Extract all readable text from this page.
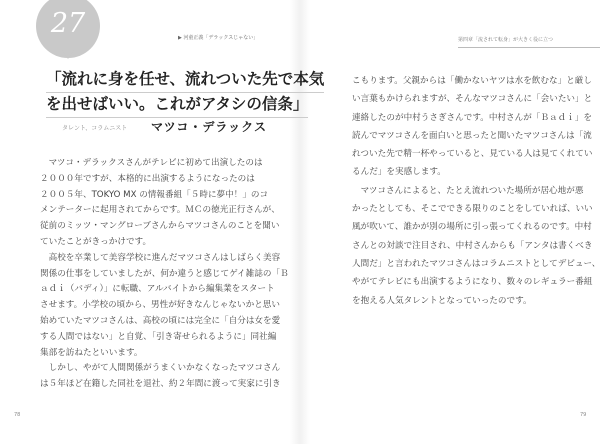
27	▶ 河童正義「デラックスじゃない」	第四章「流されて転身」が大きく役に立つ
「流れに身を任せ、流れついた先で本気 を出せばいい。これがアタシの信条」
タレント、コラムニスト マツコ・デラックス
　マツコ・デラックスさんがテレビに初めて出演したのは
２０００年ですが、本格的に出演するようになったのは
２００５年、TOKYO MX の情報番組「５時に夢中！」のコ
メンテーターに起用されてからです。ＭＣの徳光正行さんが、
従前のミッツ・マングローブさんからマツコさんのことを聞い
ていたことがきっかけです。
　高校を卒業して美容学校に進んだマツコさんはしばらく美容
関係の仕事をしていましたが、何か違うと感じてゲイ雑誌の「Ｂ
ａｄｉ（バディ）」に転職、アルバイトから編集業をスタート
させます。小学校の頃から、男性が好きなんじゃないかと思い
始めていたマツコさんは、高校の頃には完全に「自分は女を愛
する人間ではない」と自覚、「引き寄せられるように」同社編
集部を訪ねたといいます。
　しかし、やがて人間関係がうまくいかなくなったマツコさん
は５年ほど在籍した同社を退社、約２年間に渡って実家に引き
こもります。父親からは「働かないヤツは水を飲むな」と厳し
い言葉もかけられますが、そんなマツコさんに「会いたい」と
連絡したのが中村うさぎさんです。中村さんが「Ｂａｄｉ」を
読んでマツコさんを面白いと思ったと聞いたマツコさんは「流
れついた先で精一杯やっていると、見ている人は見てくれてい
るんだ」を実感します。
　マツコさんによると、たとえ流れついた場所が居心地が悪
かったとしても、そこでできる限りのことをしていれば、いい
風が吹いて、誰かが別の場所に引っ張ってくれるのです。中村
さんとの対談で注目され、中村さんからも「アンタは書くべき
人間だ」と言われたマツコさんはコラムニストとしてデビュー、
やがてテレビにも出演するようになり、数々のレギュラー番組
を抱える人気タレントとなっていったのです。
78	79
